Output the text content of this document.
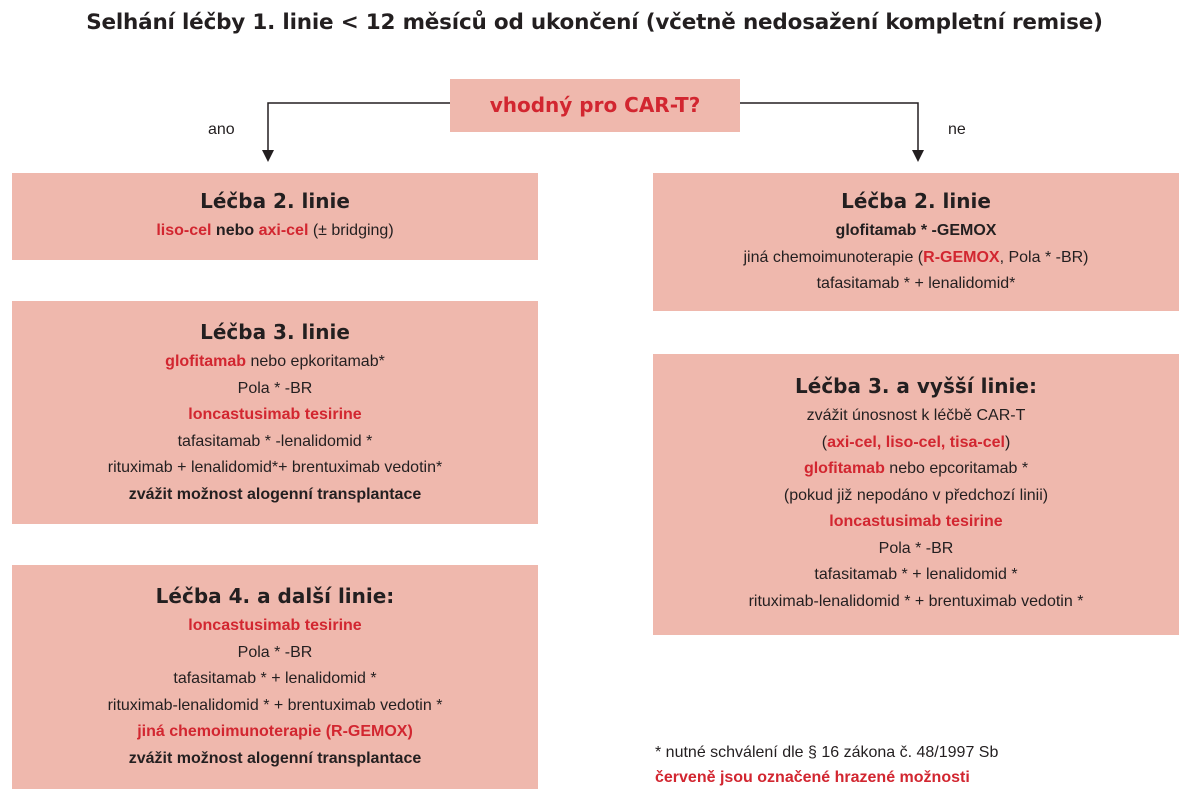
Selhání léčby 1. linie < 12 měsíců od ukončení (včetně nedosažení kompletní remise)
vhodný pro CAR-T?
ano	ne
Léčba 2. linie
liso-cel nebo axi-cel (± bridging)
Léčba 3. linie
glofitamab nebo epkoritamab*
Pola * -BR
loncastusimab tesirine
tafasitamab * -lenalidomid *
rituximab + lenalidomid*+ brentuximab vedotin*
zvážit možnost alogenní transplantace
Léčba 4. a další linie:
loncastusimab tesirine
Pola * -BR
tafasitamab * + lenalidomid *
rituximab-lenalidomid * + brentuximab vedotin *
jiná chemoimunoterapie (R-GEMOX)
zvážit možnost alogenní transplantace
Léčba 2. linie
glofitamab * -GEMOX
jiná chemoimunoterapie (R-GEMOX, Pola * -BR)
tafasitamab * + lenalidomid*
Léčba 3. a vyšší linie:
zvážit únosnost k léčbě CAR-T
(axi-cel, liso-cel, tisa-cel)
glofitamab nebo epcoritamab *
(pokud již nepodáno v předchozí linii)
loncastusimab tesirine
Pola * -BR
tafasitamab * + lenalidomid *
rituximab-lenalidomid * + brentuximab vedotin *
* nutné schválení dle § 16 zákona č. 48/1997 Sb
červeně jsou označené hrazené možnosti
